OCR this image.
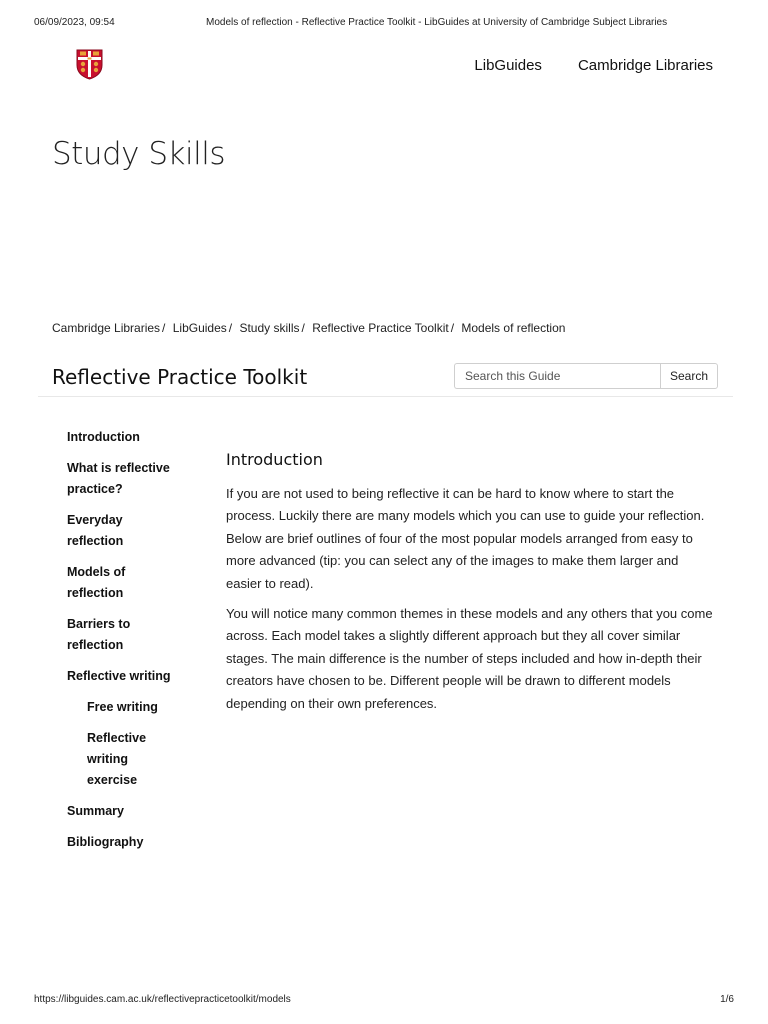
06/09/2023, 09:54	Models of reflection - Reflective Practice Toolkit - LibGuides at University of Cambridge Subject Libraries
LibGuides Cambridge Libraries
Study Skills
Cambridge Libraries / LibGuides / Study skills / Reflective Practice Toolkit / Models of reflection
Reflective Practice Toolkit
Search this Guide	Search
Introduction
What is reflective practice?
Everyday reflection
Models of reflection
Barriers to reflection
Reflective writing
Free writing
Reflective writing exercise
Summary
Bibliography
Introduction

If you are not used to being reflective it can be hard to know where to start the process. Luckily there are many models which you can use to guide your reflection. Below are brief outlines of four of the most popular models arranged from easy to more advanced (tip: you can select any of the images to make them larger and easier to read).

You will notice many common themes in these models and any others that you come across. Each model takes a slightly different approach but they all cover similar stages. The main difference is the number of steps included and how in-depth their creators have chosen to be. Different people will be drawn to different models depending on their own preferences.

https://libguides.cam.ac.uk/reflectivepracticetoolkit/models	1/6
